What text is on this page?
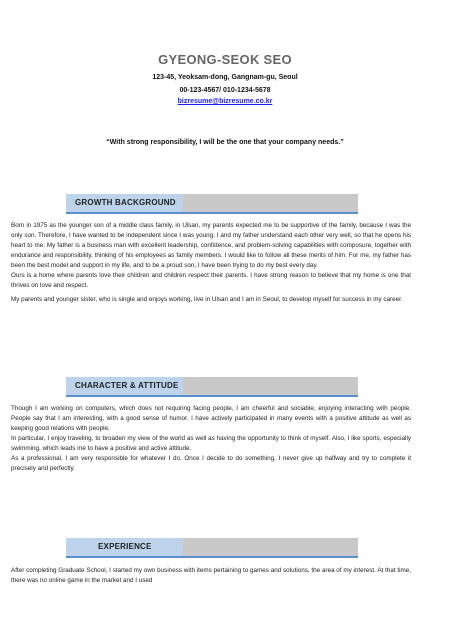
GYEONG-SEOK SEO
123-45, Yeoksam-dong, Gangnam-gu, Seoul
00-123-4567/ 010-1234-5678
bizresume@bizresume.co.kr
“With strong responsibility, I will be the one that your company needs.”
GROWTH BACKGROUND

Born in 1975 as the younger son of a middle class family, in Ulsan, my parents expected me to be supportive of the family, because I was the only son. Therefore, I have wanted to be independent since I was young. I and my father understand each other very well, so that he opens his heart to me. My father is a business man with excellent leadership, confidence, and problem-solving capabilities with composure, together with endurance and responsibility, thinking of his employees as family members. I would like to follow all these merits of him. For me, my father has been the best model and support in my life, and to be a proud son, I have been trying to do my best every day.

Ours is a home where parents love their children and children respect their parents. I have strong reason to believe that my home is one that thrives on love and respect.

My parents and younger sister, who is single and enjoys working, live in Ulsan and I am in Seoul, to develop myself for success in my career.

CHARACTER & ATTITUDE

Though I am working on computers, which does not requiring facing people, I am cheerful and sociable, enjoying interacting with people. People say that I am interesting, with a good sense of humor. I have actively participated in many events with a positive attitude as well as keeping good relations with people.

In particular, I enjoy traveling, to broaden my view of the world as well as having the opportunity to think of myself. Also, I like sports, especially swimming, which leads me to have a positive and active attitude.

As a professional, I am very responsible for whatever I do. Once I decide to do something, I never give up halfway and try to complete it precisely and perfectly.

EXPERIENCE

After completing Graduate School, I started my own business with items pertaining to games and solutions, the area of my interest. At that time, there was no online game in the market and I used
